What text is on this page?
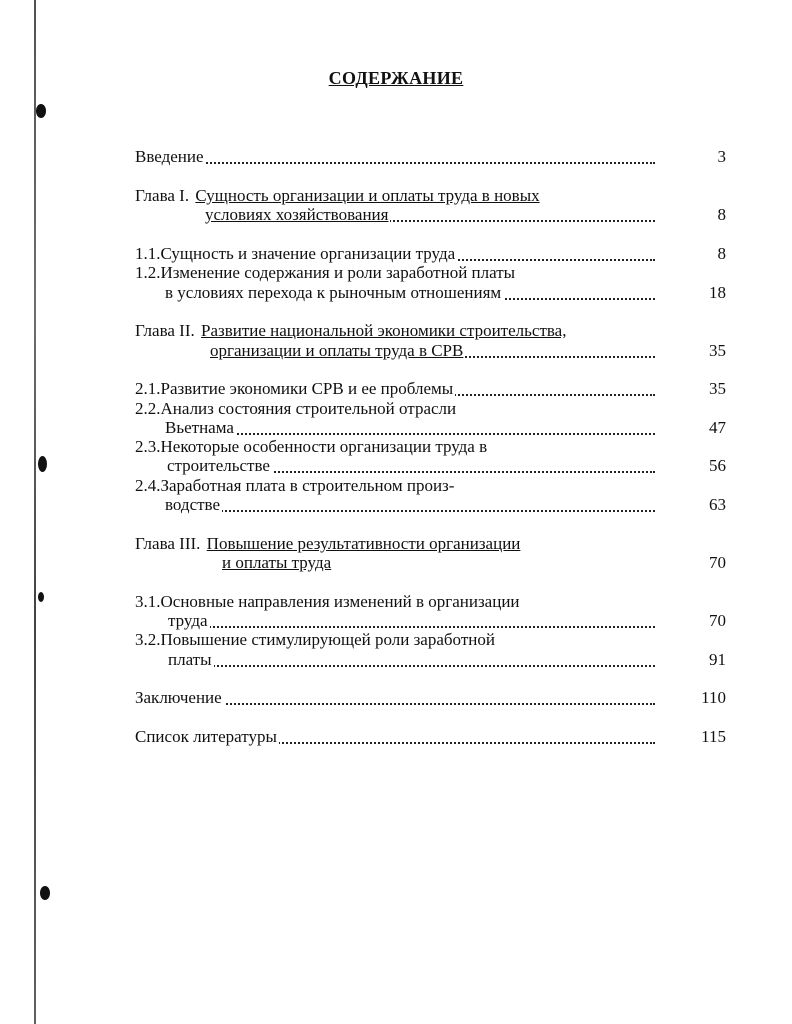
СОДЕРЖАНИЕ
Введение	3
Глава I. Сущность организации и оплаты труда в новых
условиях хозяйствования	8
1.1.Сущность и значение организации труда	8
1.2.Изменение содержания и роли заработной платы
в условиях перехода к рыночным отношениям	18
Глава II. Развитие национальной экономики строительства,
организации и оплаты труда в СРВ	35
2.1.Развитие экономики СРВ и ее проблемы	35
2.2.Анализ состояния строительной отрасли
Вьетнама	47
2.3.Некоторые особенности организации труда в
строительстве	56
2.4.Заработная плата в строительном произ-
водстве	63
Глава III. Повышение результативности организации
и оплаты труда	70
3.1.Основные направления изменений в организации
труда	70
3.2.Повышение стимулирующей роли заработной
платы	91
Заключение	110
Список литературы	115
